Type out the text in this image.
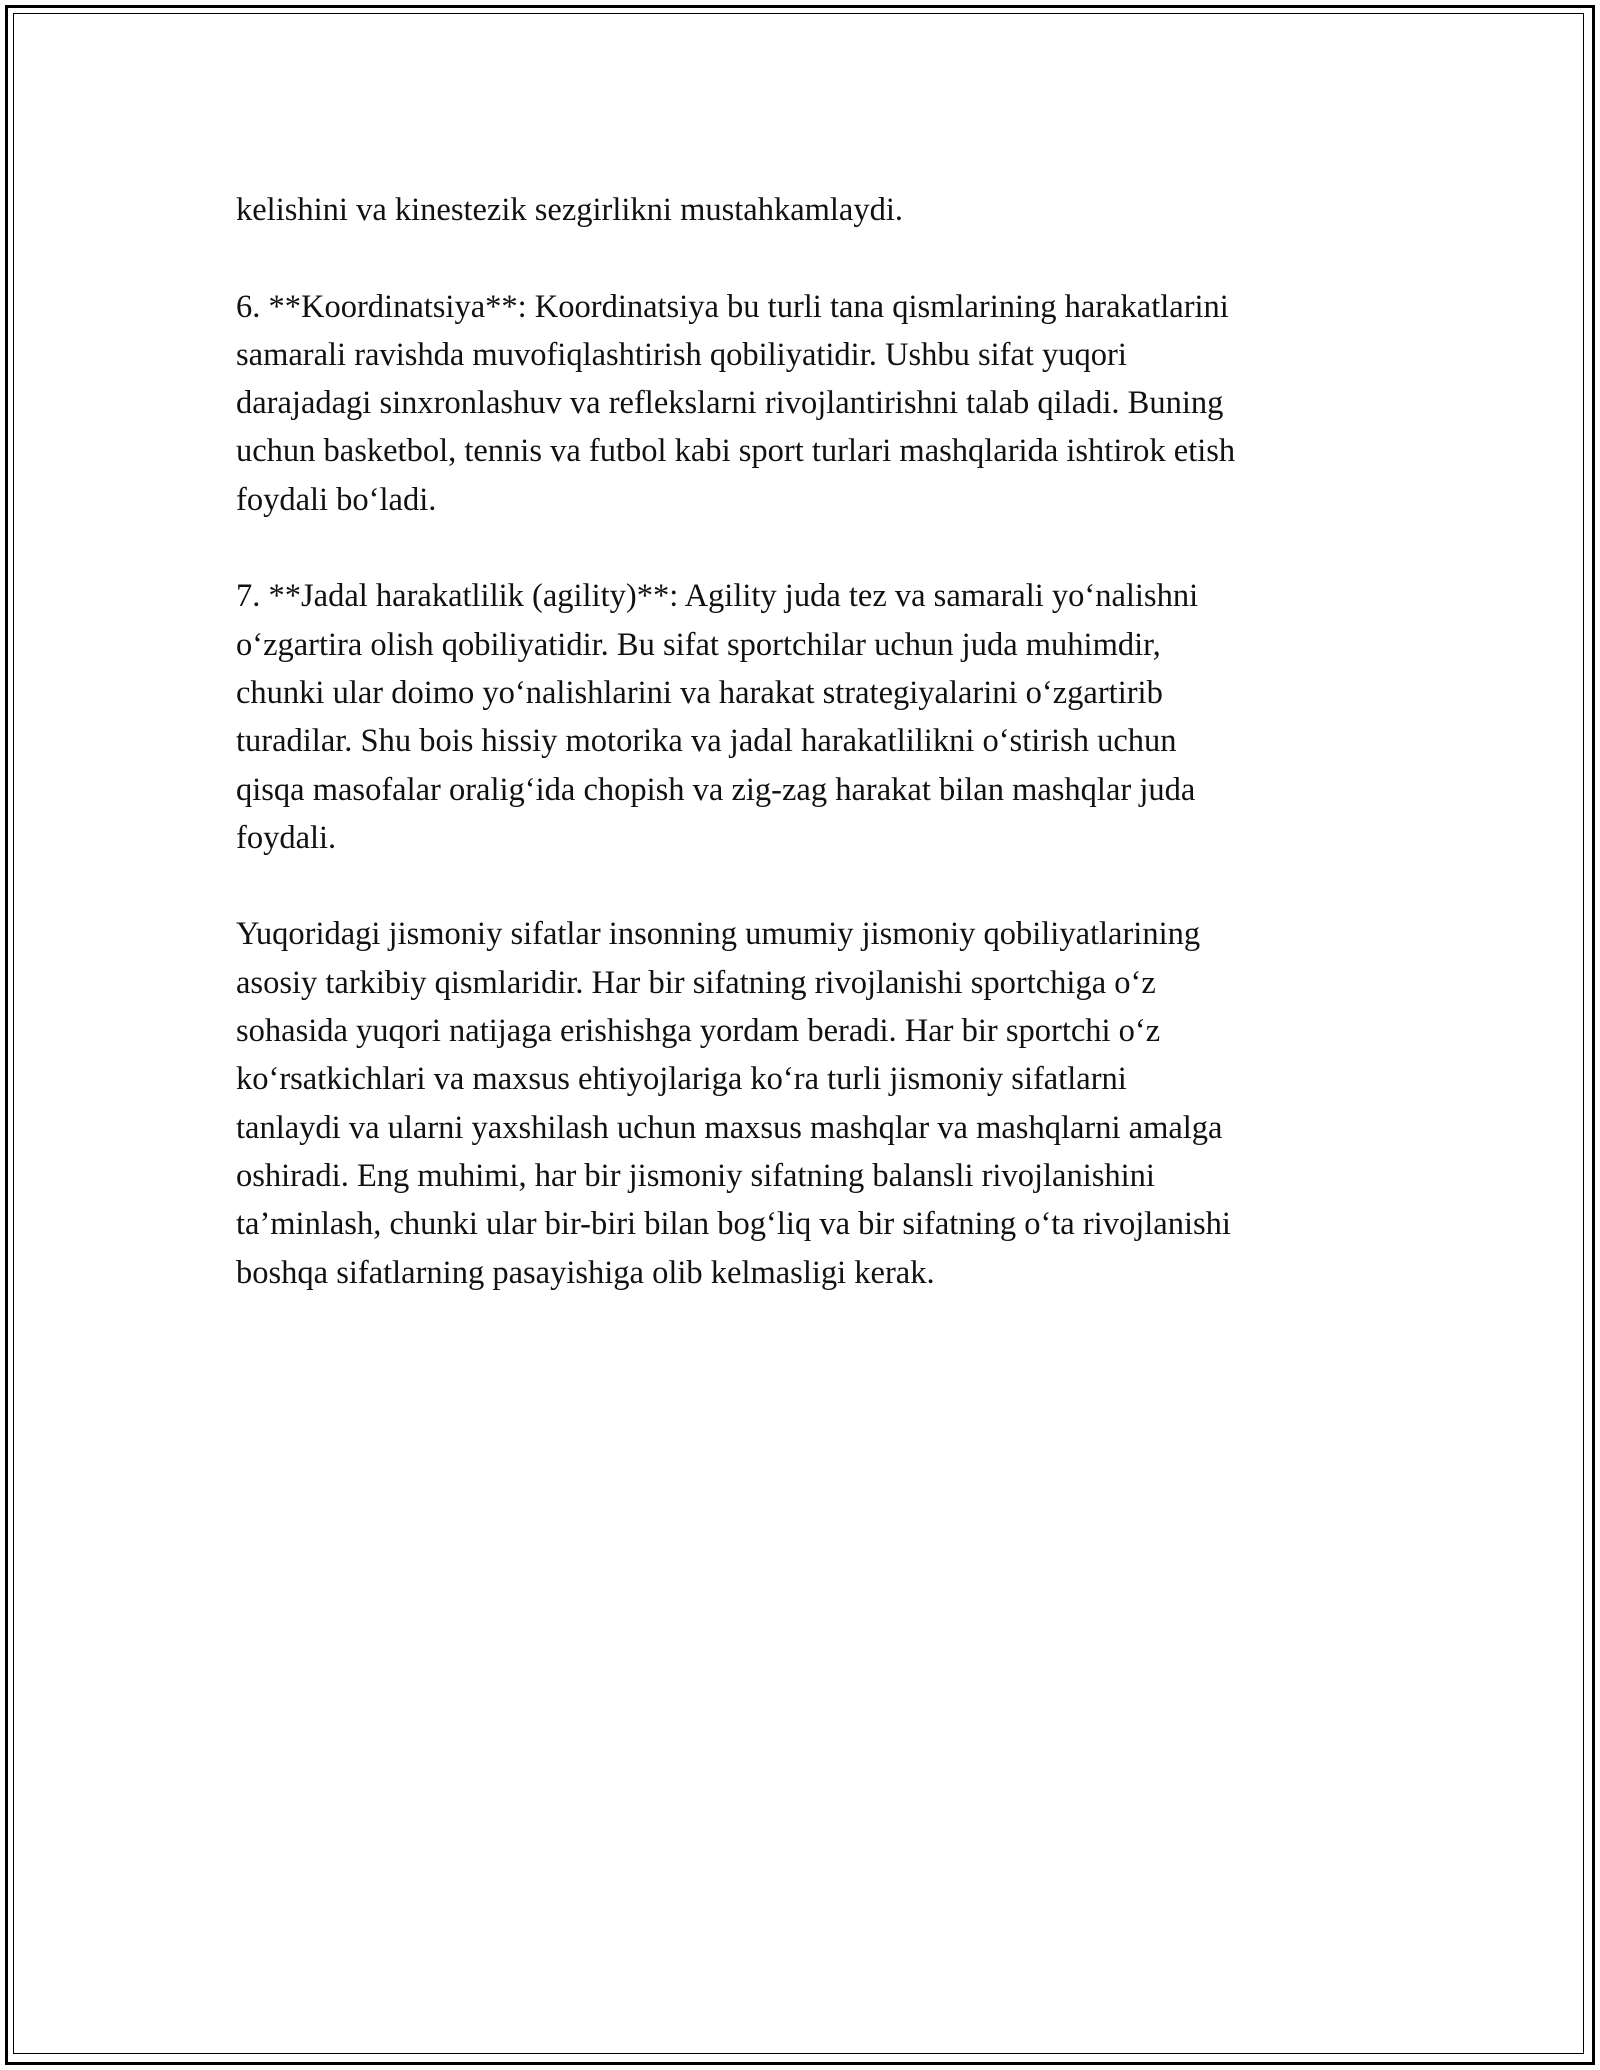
kelishini va kinestezik sezgirlikni mustahkamlaydi.

6. **Koordinatsiya**: Koordinatsiya bu turli tana qismlarining harakatlarini
samarali ravishda muvofiqlashtirish qobiliyatidir. Ushbu sifat yuqori
darajadagi sinxronlashuv va reflekslarni rivojlantirishni talab qiladi. Buning
uchun basketbol, tennis va futbol kabi sport turlari mashqlarida ishtirok etish
foydali bo‘ladi.

7. **Jadal harakatlilik (agility)**: Agility juda tez va samarali yo‘nalishni
o‘zgartira olish qobiliyatidir. Bu sifat sportchilar uchun juda muhimdir,
chunki ular doimo yo‘nalishlarini va harakat strategiyalarini o‘zgartirib
turadilar. Shu bois hissiy motorika va jadal harakatlilikni o‘stirish uchun
qisqa masofalar oralig‘ida chopish va zig-zag harakat bilan mashqlar juda
foydali.

Yuqoridagi jismoniy sifatlar insonning umumiy jismoniy qobiliyatlarining
asosiy tarkibiy qismlaridir. Har bir sifatning rivojlanishi sportchiga o‘z
sohasida yuqori natijaga erishishga yordam beradi. Har bir sportchi o‘z
ko‘rsatkichlari va maxsus ehtiyojlariga ko‘ra turli jismoniy sifatlarni
tanlaydi va ularni yaxshilash uchun maxsus mashqlar va mashqlarni amalga
oshiradi. Eng muhimi, har bir jismoniy sifatning balansli rivojlanishini
ta’minlash, chunki ular bir-biri bilan bog‘liq va bir sifatning o‘ta rivojlanishi
boshqa sifatlarning pasayishiga olib kelmasligi kerak.
